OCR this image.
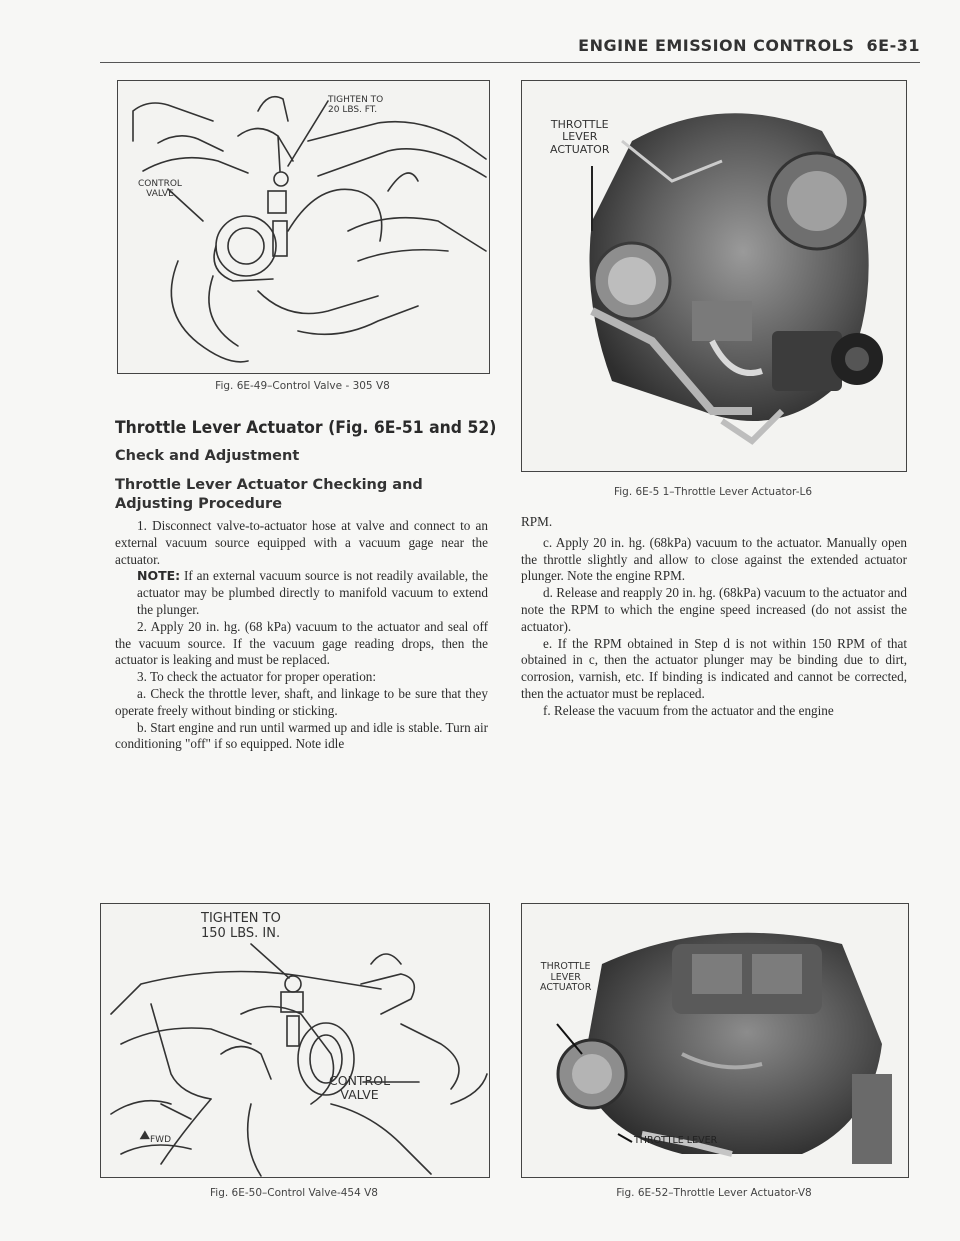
ENGINE EMISSION CONTROLS 6E-31
TIGHTEN TO
20 LBS. FT.
CONTROL
VALVE
Fig. 6E-49–Control Valve - 305 V8
Throttle Lever Actuator (Fig. 6E-51 and 52)
Check and Adjustment
Throttle Lever Actuator Checking and Adjusting Procedure

1. Disconnect valve-to-actuator hose at valve and connect to an external vacuum source equipped with a vacuum gage near the actuator.

NOTE: If an external vacuum source is not readily available, the actuator may be plumbed directly to manifold vacuum to extend the plunger.

2. Apply 20 in. hg. (68 kPa) vacuum to the actuator and seal off the vacuum source. If the vacuum gage reading drops, then the actuator is leaking and must be replaced.

3. To check the actuator for proper operation:

a. Check the throttle lever, shaft, and linkage to be sure that they operate freely without binding or sticking.

b. Start engine and run until warmed up and idle is stable. Turn air conditioning "off" if so equipped. Note idle

THROTTLE
LEVER
ACTUATOR
Fig. 6E-5 1–Throttle Lever Actuator-L6

RPM.

c. Apply 20 in. hg. (68kPa) vacuum to the actuator. Manually open the throttle slightly and allow to close against the extended actuator plunger. Note the engine RPM.

d. Release and reapply 20 in. hg. (68kPa) vacuum to the actuator and note the RPM to which the engine speed increased (do not assist the actuator).

e. If the RPM obtained in Step d is not within 150 RPM of that obtained in c, then the actuator plunger may be binding due to dirt, corrosion, varnish, etc. If binding is indicated and cannot be corrected, then the actuator must be replaced.

f. Release the vacuum from the actuator and the engine

TIGHTEN TO
150 LBS. IN.
CONTROL
VALVE
FWD
Fig. 6E-50–Control Valve-454 V8
THROTTLE
LEVER
ACTUATOR
THROTTLE LEVER
Fig. 6E-52–Throttle Lever Actuator-V8
